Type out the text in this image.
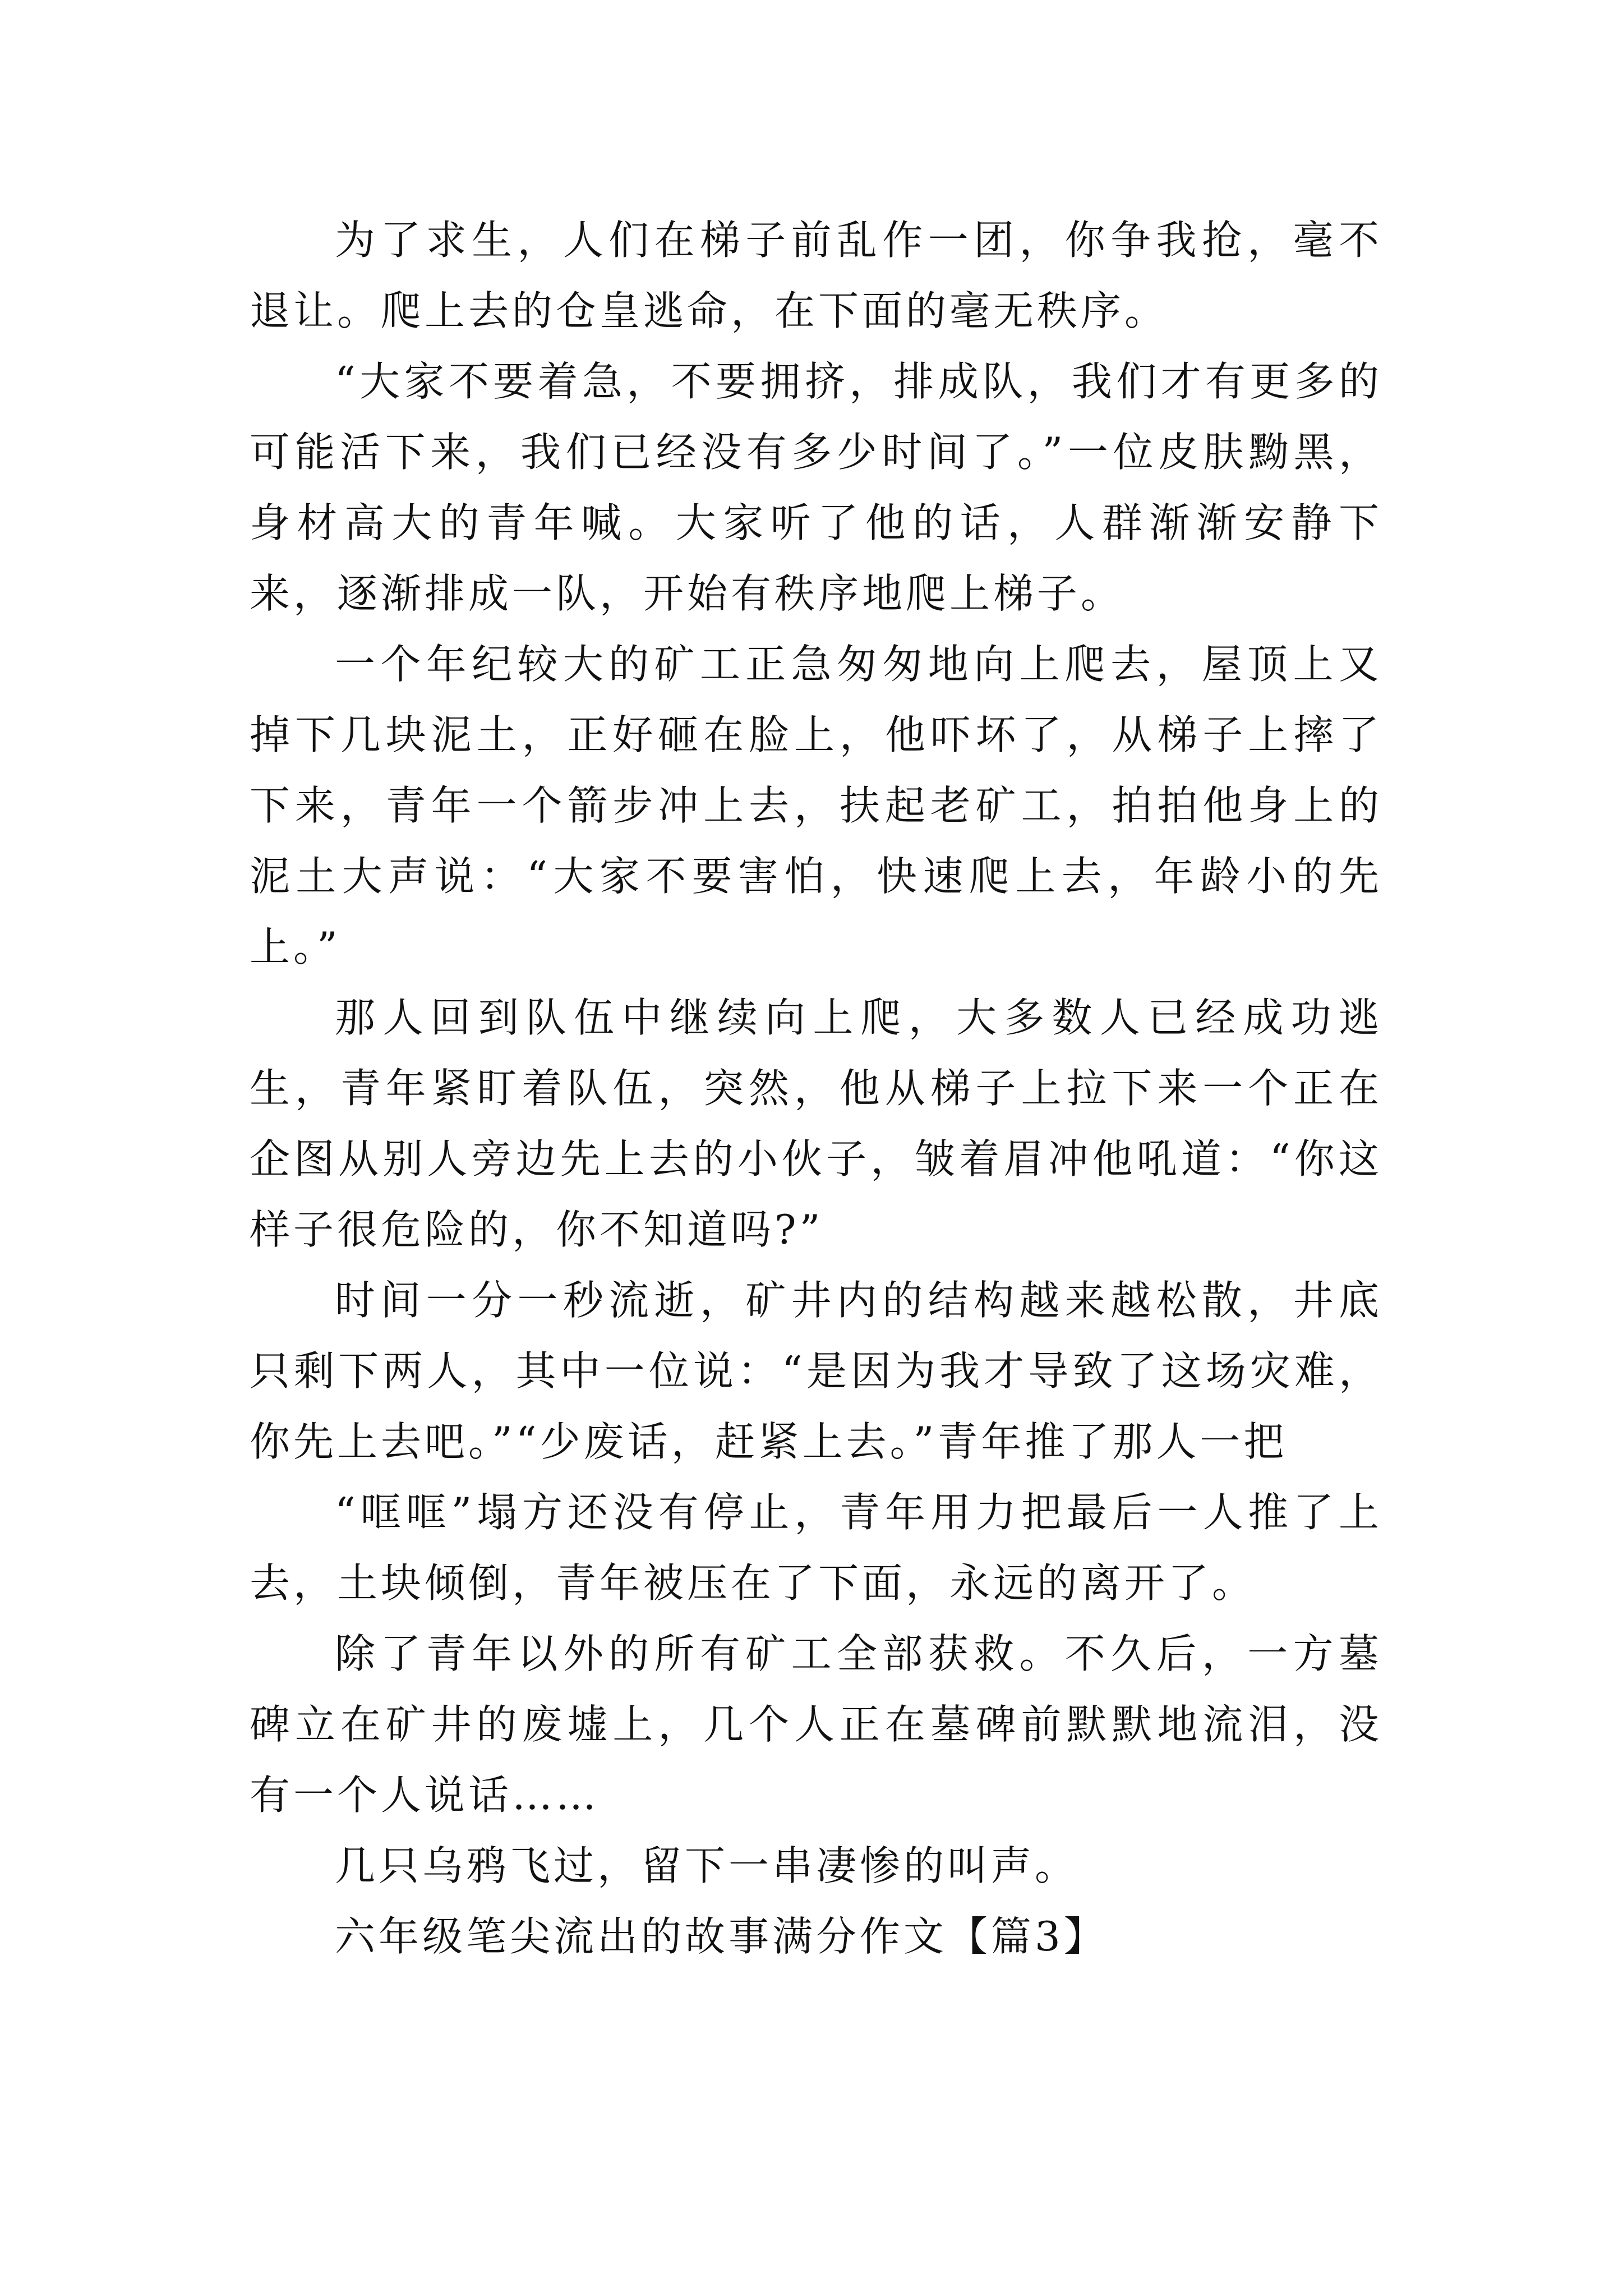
为了求生，人们在梯子前乱作一团，你争我抢，毫不退让。爬上去的仓皇逃命，在下面的毫无秩序。

“大家不要着急，不要拥挤，排成队，我们才有更多的可能活下来，我们已经没有多少时间了。”一位皮肤黝黑，身材高大的青年喊。大家听了他的话，人群渐渐安静下来，逐渐排成一队，开始有秩序地爬上梯子。

一个年纪较大的矿工正急匆匆地向上爬去，屋顶上又掉下几块泥土，正好砸在脸上，他吓坏了，从梯子上摔了下来，青年一个箭步冲上去，扶起老矿工，拍拍他身上的泥土大声说：“大家不要害怕，快速爬上去，年龄小的先上。”

那人回到队伍中继续向上爬，大多数人已经成功逃生，青年紧盯着队伍，突然，他从梯子上拉下来一个正在企图从别人旁边先上去的小伙子，皱着眉冲他吼道：“你这样子很危险的，你不知道吗?”

时间一分一秒流逝，矿井内的结构越来越松散，井底只剩下两人，其中一位说：“是因为我才导致了这场灾难，你先上去吧。”“少废话，赶紧上去。”青年推了那人一把

“哐哐”塌方还没有停止，青年用力把最后一人推了上去，土块倾倒，青年被压在了下面，永远的离开了。

除了青年以外的所有矿工全部获救。不久后，一方墓碑立在矿井的废墟上，几个人正在墓碑前默默地流泪，没有一个人说话……

几只乌鸦飞过，留下一串凄惨的叫声。

六年级笔尖流出的故事满分作文【篇3】
